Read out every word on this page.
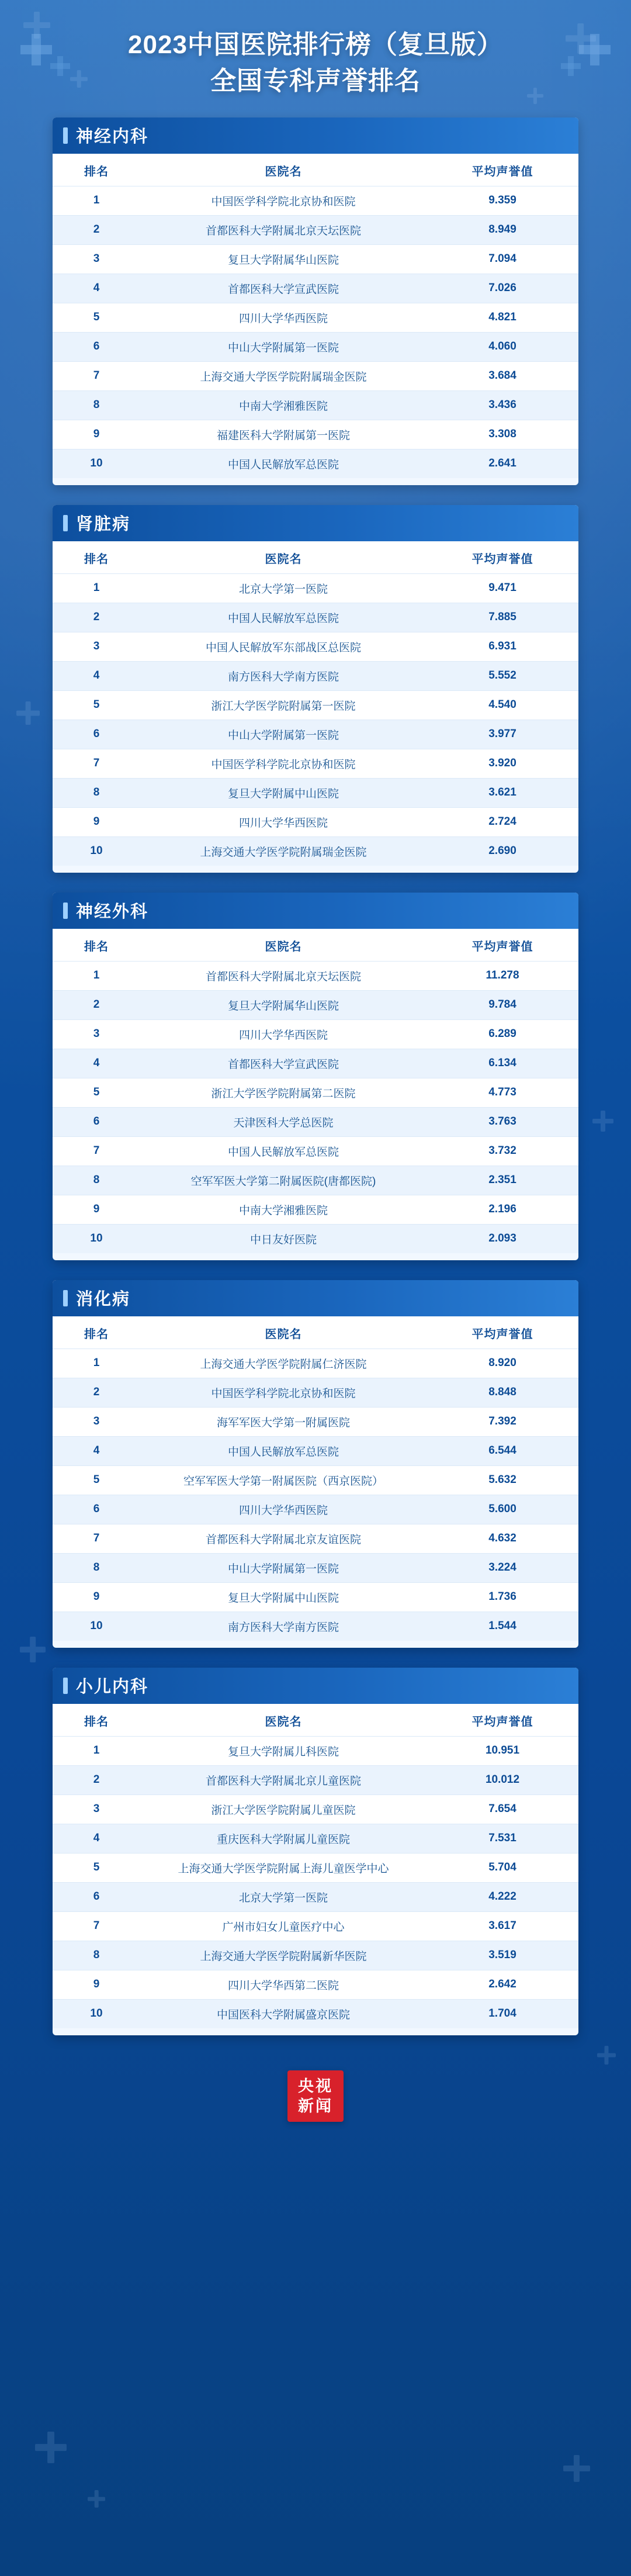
2023中国医院排行榜（复旦版）
全国专科声誉排名
神经内科
排名	医院名	平均声誉值
1	中国医学科学院北京协和医院	9.359
2	首都医科大学附属北京天坛医院	8.949
3	复旦大学附属华山医院	7.094
4	首都医科大学宣武医院	7.026
5	四川大学华西医院	4.821
6	中山大学附属第一医院	4.060
7	上海交通大学医学院附属瑞金医院	3.684
8	中南大学湘雅医院	3.436
9	福建医科大学附属第一医院	3.308
10	中国人民解放军总医院	2.641
肾脏病
排名	医院名	平均声誉值
1	北京大学第一医院	9.471
2	中国人民解放军总医院	7.885
3	中国人民解放军东部战区总医院	6.931
4	南方医科大学南方医院	5.552
5	浙江大学医学院附属第一医院	4.540
6	中山大学附属第一医院	3.977
7	中国医学科学院北京协和医院	3.920
8	复旦大学附属中山医院	3.621
9	四川大学华西医院	2.724
10	上海交通大学医学院附属瑞金医院	2.690
神经外科
排名	医院名	平均声誉值
1	首都医科大学附属北京天坛医院	11.278
2	复旦大学附属华山医院	9.784
3	四川大学华西医院	6.289
4	首都医科大学宣武医院	6.134
5	浙江大学医学院附属第二医院	4.773
6	天津医科大学总医院	3.763
7	中国人民解放军总医院	3.732
8	空军军医大学第二附属医院(唐都医院)	2.351
9	中南大学湘雅医院	2.196
10	中日友好医院	2.093
消化病
排名	医院名	平均声誉值
1	上海交通大学医学院附属仁济医院	8.920
2	中国医学科学院北京协和医院	8.848
3	海军军医大学第一附属医院	7.392
4	中国人民解放军总医院	6.544
5	空军军医大学第一附属医院（西京医院）	5.632
6	四川大学华西医院	5.600
7	首都医科大学附属北京友谊医院	4.632
8	中山大学附属第一医院	3.224
9	复旦大学附属中山医院	1.736
10	南方医科大学南方医院	1.544
小儿内科
排名	医院名	平均声誉值
1	复旦大学附属儿科医院	10.951
2	首都医科大学附属北京儿童医院	10.012
3	浙江大学医学院附属儿童医院	7.654
4	重庆医科大学附属儿童医院	7.531
5	上海交通大学医学院附属上海儿童医学中心	5.704
6	北京大学第一医院	4.222
7	广州市妇女儿童医疗中心	3.617
8	上海交通大学医学院附属新华医院	3.519
9	四川大学华西第二医院	2.642
10	中国医科大学附属盛京医院	1.704
央视
新闻
